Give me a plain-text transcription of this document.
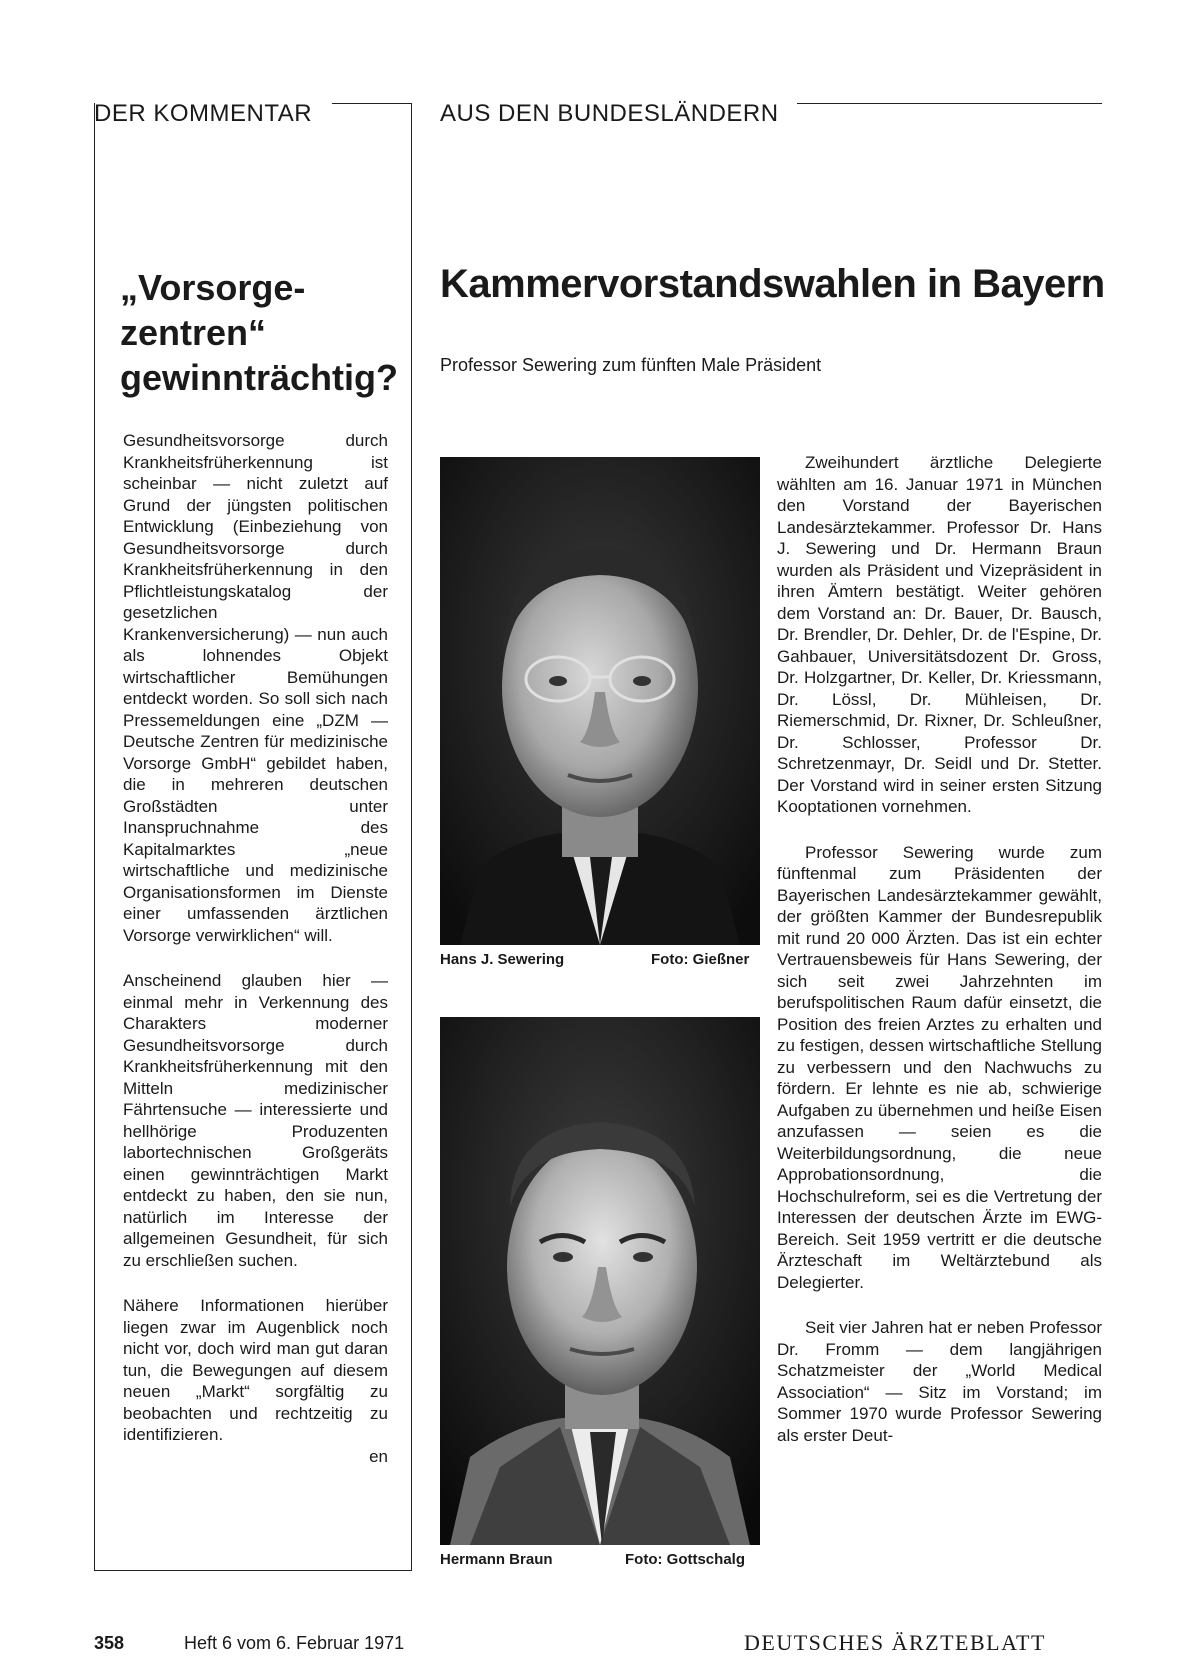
DER KOMMENTAR
„Vorsorge-
zentren“
gewinnträchtig?

Gesundheitsvorsorge durch Krankheitsfrüherkennung ist scheinbar — nicht zuletzt auf Grund der jüngsten politischen Entwicklung (Einbeziehung von Gesundheitsvorsorge durch Krankheitsfrüherkennung in den Pflichtleistungskatalog der gesetzlichen Krankenversicherung) — nun auch als lohnendes Objekt wirtschaftlicher Bemühungen entdeckt worden. So soll sich nach Pressemeldungen eine „DZM — Deutsche Zentren für medizinische Vorsorge GmbH“ gebildet haben, die in mehreren deutschen Großstädten unter Inanspruchnahme des Kapitalmarktes „neue wirtschaftliche und medizinische Organisationsformen im Dienste einer umfassenden ärztlichen Vorsorge verwirklichen“ will.

Anscheinend glauben hier — einmal mehr in Verkennung des Charakters moderner Gesundheitsvorsorge durch Krankheitsfrüherkennung mit den Mitteln medizinischer Fährtensuche — interessierte und hellhörige Produzenten labortechnischen Großgeräts einen gewinnträchtigen Markt entdeckt zu haben, den sie nun, natürlich im Interesse der allgemeinen Gesundheit, für sich zu erschließen suchen.

Nähere Informationen hierüber liegen zwar im Augenblick noch nicht vor, doch wird man gut daran tun, die Bewegungen auf diesem neuen „Markt“ sorgfältig zu beobachten und rechtzeitig zu identifizieren.

en
AUS DEN BUNDESLÄNDERN
Kammervorstandswahlen in Bayern
Professor Sewering zum fünften Male Präsident
Hans J. Sewering	Foto: Gießner
Hermann Braun	Foto: Gottschalg

Zweihundert ärztliche Delegierte wählten am 16. Januar 1971 in München den Vorstand der Bayerischen Landesärztekammer. Professor Dr. Hans J. Sewering und Dr. Hermann Braun wurden als Präsident und Vizepräsident in ihren Ämtern bestätigt. Weiter gehören dem Vorstand an: Dr. Bauer, Dr. Bausch, Dr. Brendler, Dr. Dehler, Dr. de l'Espine, Dr. Gahbauer, Universitätsdozent Dr. Gross, Dr. Holzgartner, Dr. Keller, Dr. Kriessmann, Dr. Lössl, Dr. Mühleisen, Dr. Riemerschmid, Dr. Rixner, Dr. Schleußner, Dr. Schlosser, Professor Dr. Schretzenmayr, Dr. Seidl und Dr. Stetter. Der Vorstand wird in seiner ersten Sitzung Kooptationen vornehmen.

Professor Sewering wurde zum fünftenmal zum Präsidenten der Bayerischen Landesärztekammer gewählt, der größten Kammer der Bundesrepublik mit rund 20 000 Ärzten. Das ist ein echter Vertrauensbeweis für Hans Sewering, der sich seit zwei Jahrzehnten im berufspolitischen Raum dafür einsetzt, die Position des freien Arztes zu erhalten und zu festigen, dessen wirtschaftliche Stellung zu verbessern und den Nachwuchs zu fördern. Er lehnte es nie ab, schwierige Aufgaben zu übernehmen und heiße Eisen anzufassen — seien es die Weiterbildungsordnung, die neue Approbationsordnung, die Hochschulreform, sei es die Vertretung der Interessen der deutschen Ärzte im EWG-Bereich. Seit 1959 vertritt er die deutsche Ärzteschaft im Weltärztebund als Delegierter.

Seit vier Jahren hat er neben Professor Dr. Fromm — dem langjährigen Schatzmeister der „World Medical Association“ — Sitz im Vorstand; im Sommer 1970 wurde Professor Sewering als erster Deut-

358	Heft 6 vom 6. Februar 1971	DEUTSCHES ÄRZTEBLATT
